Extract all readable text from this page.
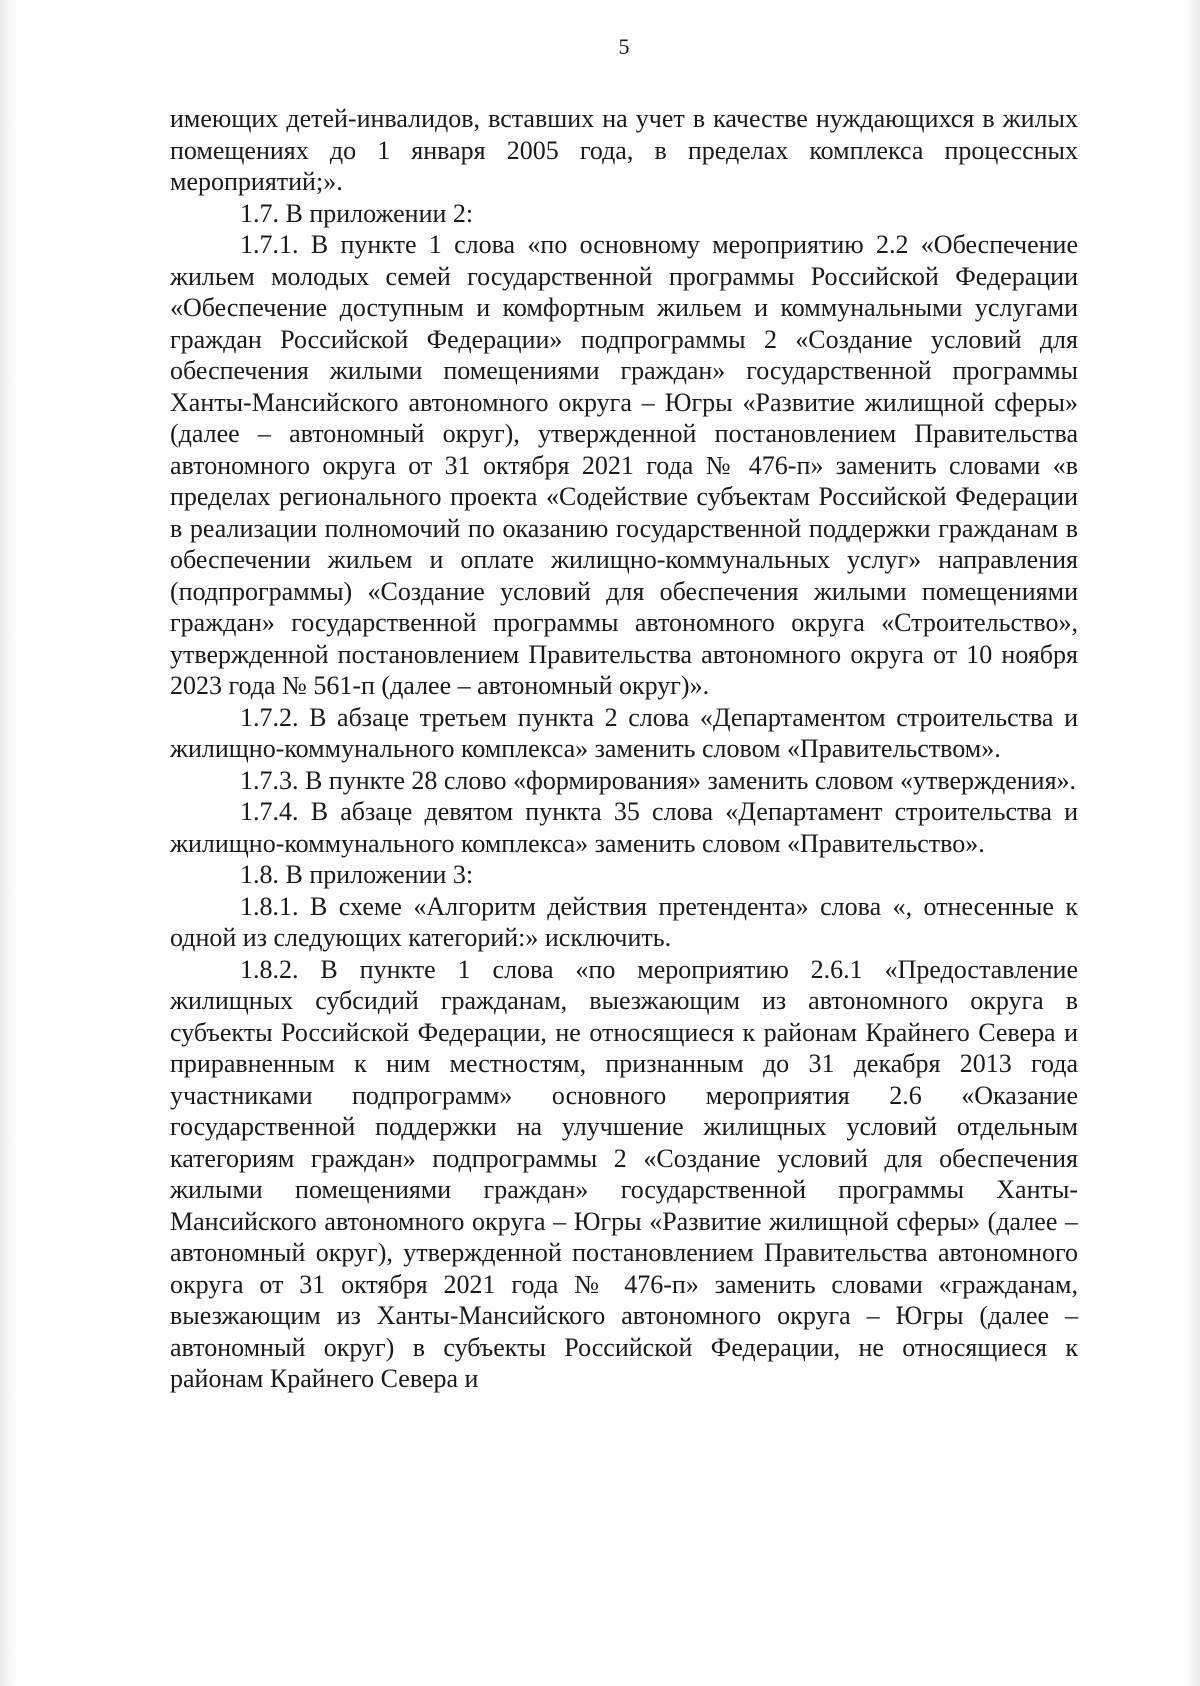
5

имеющих детей-инвалидов, вставших на учет в качестве нуждающихся в жилых помещениях до 1 января 2005 года, в пределах комплекса процессных мероприятий;».

1.7. В приложении 2:

1.7.1. В пункте 1 слова «по основному мероприятию 2.2 «Обеспечение жильем молодых семей государственной программы Российской Федерации «Обеспечение доступным и комфортным жильем и коммунальными услугами граждан Российской Федерации» подпрограммы 2 «Создание условий для обеспечения жилыми помещениями граждан» государственной программы Ханты-Мансийского автономного округа – Югры «Развитие жилищной сферы» (далее – автономный округ), утвержденной постановлением Правительства автономного округа от 31 октября 2021 года № 476-п» заменить словами «в пределах регионального проекта «Содействие субъектам Российской Федерации в реализации полномочий по оказанию государственной поддержки гражданам в обеспечении жильем и оплате жилищно-коммунальных услуг» направления (подпрограммы) «Создание условий для обеспечения жилыми помещениями граждан» государственной программы автономного округа «Строительство», утвержденной постановлением Правительства автономного округа от 10 ноября 2023 года № 561-п (далее – автономный округ)».

1.7.2. В абзаце третьем пункта 2 слова «Департаментом строительства и жилищно-коммунального комплекса» заменить словом «Правительством».

1.7.3. В пункте 28 слово «формирования» заменить словом «утверждения».

1.7.4. В абзаце девятом пункта 35 слова «Департамент строительства и жилищно-коммунального комплекса» заменить словом «Правительство».

1.8. В приложении 3:

1.8.1. В схеме «Алгоритм действия претендента» слова «, отнесенные к одной из следующих категорий:» исключить.

1.8.2. В пункте 1 слова «по мероприятию 2.6.1 «Предоставление жилищных субсидий гражданам, выезжающим из автономного округа в субъекты Российской Федерации, не относящиеся к районам Крайнего Севера и приравненным к ним местностям, признанным до 31 декабря 2013 года участниками подпрограмм» основного мероприятия 2.6 «Оказание государственной поддержки на улучшение жилищных условий отдельным категориям граждан» подпрограммы 2 «Создание условий для обеспечения жилыми помещениями граждан» государственной программы Ханты-Мансийского автономного округа – Югры «Развитие жилищной сферы» (далее – автономный округ), утвержденной постановлением Правительства автономного округа от 31 октября 2021 года № 476-п» заменить словами «гражданам, выезжающим из Ханты-Мансийского автономного округа – Югры (далее – автономный округ) в субъекты Российской Федерации, не относящиеся к районам Крайнего Севера и
